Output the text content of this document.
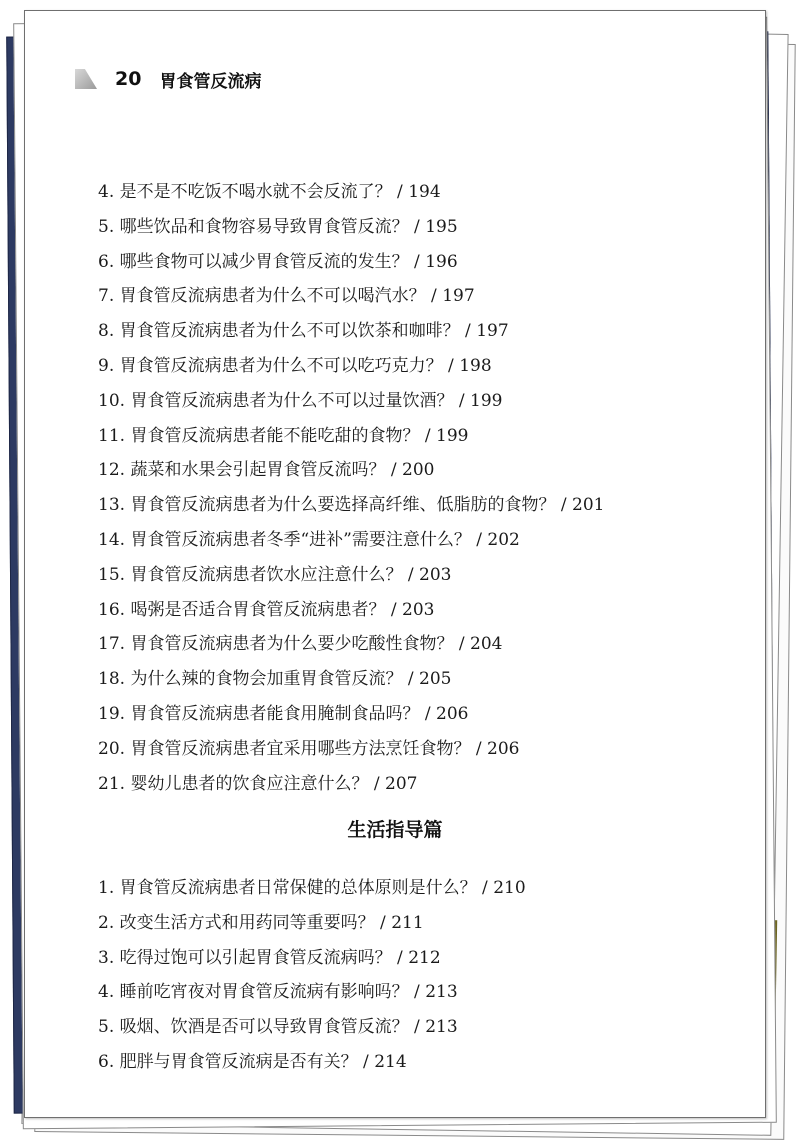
20 胃食管反流病
4. 是不是不吃饭不喝水就不会反流了？ / 194
5. 哪些饮品和食物容易导致胃食管反流？ / 195
6. 哪些食物可以减少胃食管反流的发生？ / 196
7. 胃食管反流病患者为什么不可以喝汽水？ / 197
8. 胃食管反流病患者为什么不可以饮茶和咖啡？ / 197
9. 胃食管反流病患者为什么不可以吃巧克力？ / 198
10. 胃食管反流病患者为什么不可以过量饮酒？ / 199
11. 胃食管反流病患者能不能吃甜的食物？ / 199
12. 蔬菜和水果会引起胃食管反流吗？ / 200
13. 胃食管反流病患者为什么要选择高纤维、低脂肪的食物？ / 201
14. 胃食管反流病患者冬季“进补”需要注意什么？ / 202
15. 胃食管反流病患者饮水应注意什么？ / 203
16. 喝粥是否适合胃食管反流病患者？ / 203
17. 胃食管反流病患者为什么要少吃酸性食物？ / 204
18. 为什么辣的食物会加重胃食管反流？ / 205
19. 胃食管反流病患者能食用腌制食品吗？ / 206
20. 胃食管反流病患者宜采用哪些方法烹饪食物？ / 206
21. 婴幼儿患者的饮食应注意什么？ / 207
生活指导篇
1. 胃食管反流病患者日常保健的总体原则是什么？ / 210
2. 改变生活方式和用药同等重要吗？ / 211
3. 吃得过饱可以引起胃食管反流病吗？ / 212
4. 睡前吃宵夜对胃食管反流病有影响吗？ / 213
5. 吸烟、饮酒是否可以导致胃食管反流？ / 213
6. 肥胖与胃食管反流病是否有关？ / 214
